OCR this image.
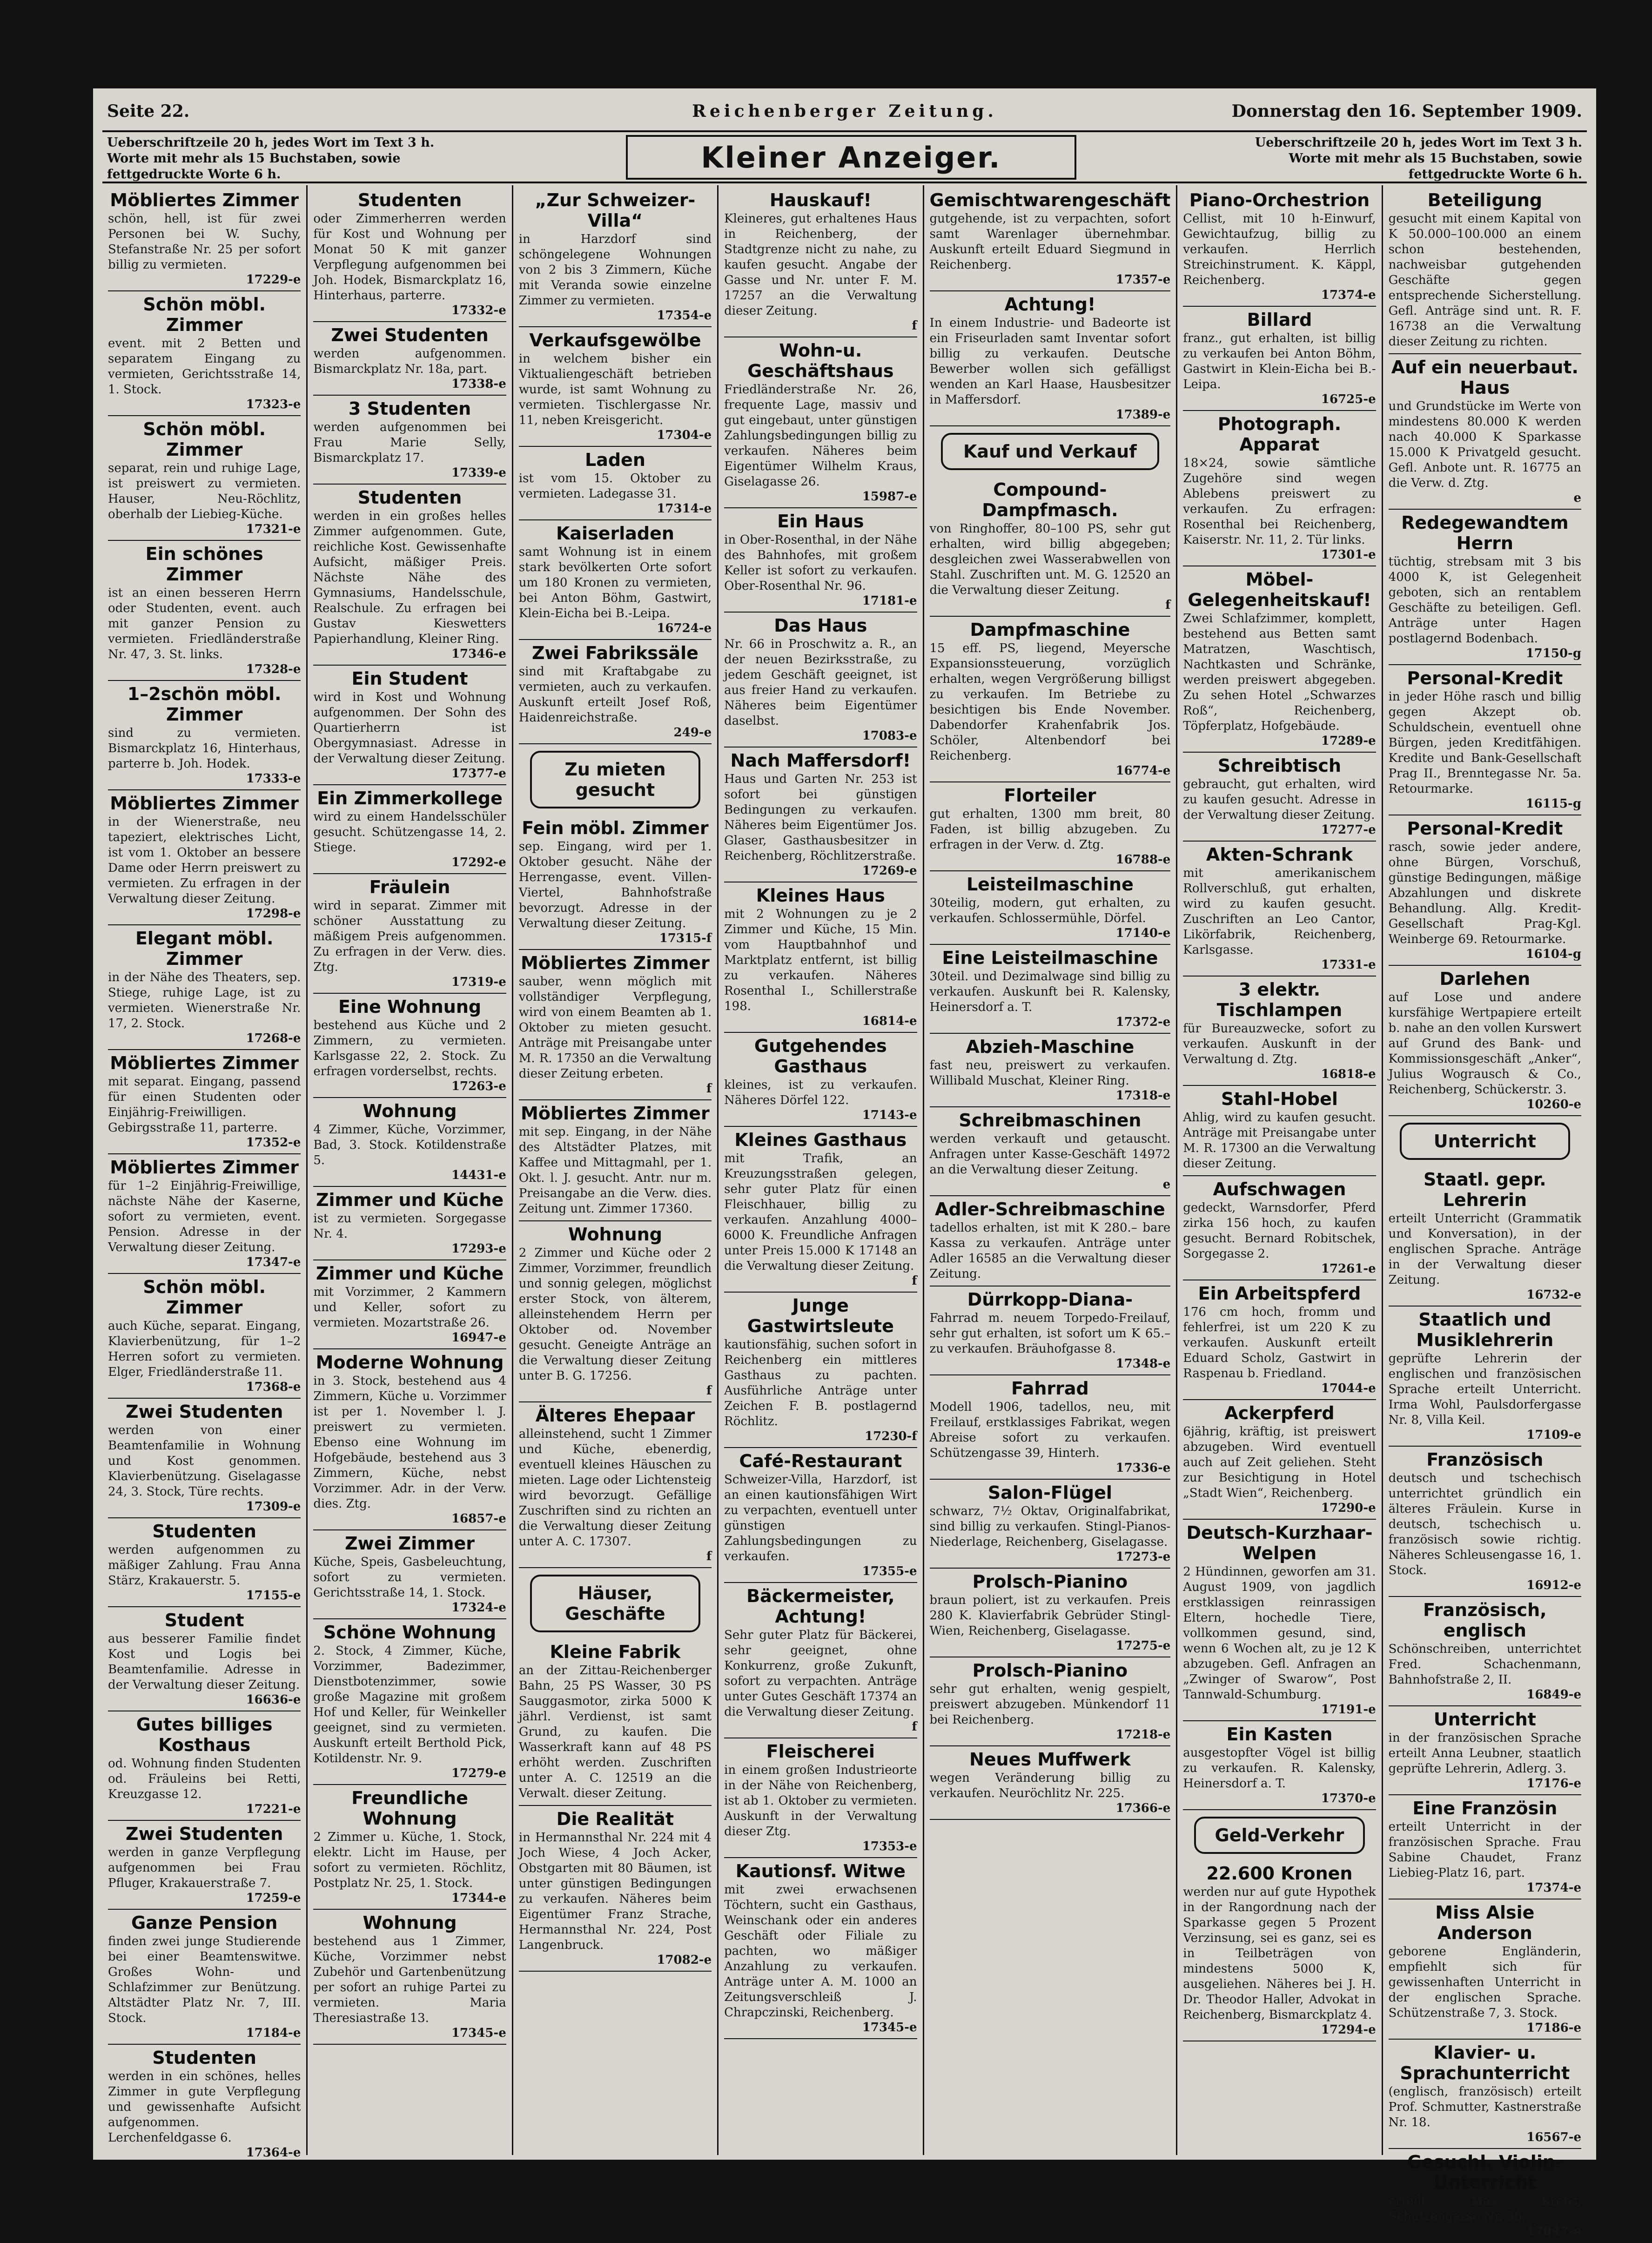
Seite 22.	Reichenberger Zeitung.	Donnerstag den 16. September 1909.
Ueberschriftzeile 20 h, jedes Wort im Text 3 h. Worte mit mehr als 15 Buchstaben, sowie fettgedruckte Worte 6 h.	Kleiner Anzeiger.	Ueberschriftzeile 20 h, jedes Wort im Text 3 h. Worte mit mehr als 15 Buchstaben, sowie fettgedruckte Worte 6 h.
Möbliertes Zimmer
schön, hell, ist für zwei Personen bei W. Suchy, Stefanstraße Nr. 25 per sofort billig zu vermieten.
17229-e
Schön möbl. Zimmer
event. mit 2 Betten und separatem Eingang zu vermieten, Gerichtsstraße 14, 1. Stock.
17323-e
Schön möbl. Zimmer
separat, rein und ruhige Lage, ist preiswert zu vermieten. Hauser, Neu-Röchlitz, oberhalb der Liebieg-Küche.
17321-e
Ein schönes Zimmer
ist an einen besseren Herrn oder Studenten, event. auch mit ganzer Pension zu vermieten. Friedländerstraße Nr. 47, 3. St. links.
17328-e
1–2schön möbl. Zimmer
sind zu vermieten. Bismarckplatz 16, Hinterhaus, parterre b. Joh. Hodek.
17333-e
Möbliertes Zimmer
in der Wienerstraße, neu tapeziert, elektrisches Licht, ist vom 1. Oktober an bessere Dame oder Herrn preiswert zu vermieten. Zu erfragen in der Verwaltung dieser Zeitung.
17298-e
Elegant möbl. Zimmer
in der Nähe des Theaters, sep. Stiege, ruhige Lage, ist zu vermieten. Wienerstraße Nr. 17, 2. Stock.
17268-e
Möbliertes Zimmer
mit separat. Eingang, passend für einen Studenten oder Einjährig-Freiwilligen. Gebirgsstraße 11, parterre.
17352-e
Möbliertes Zimmer
für 1–2 Einjährig-Freiwillige, nächste Nähe der Kaserne, sofort zu vermieten, event. Pension. Adresse in der Verwaltung dieser Zeitung.
17347-e
Schön möbl. Zimmer
auch Küche, separat. Eingang, Klavierbenützung, für 1–2 Herren sofort zu vermieten. Elger, Friedländerstraße 11.
17368-e
Zwei Studenten
werden von einer Beamtenfamilie in Wohnung und Kost genommen. Klavierbenützung. Giselagasse 24, 3. Stock, Türe rechts.
17309-e
Studenten
werden aufgenommen zu mäßiger Zahlung. Frau Anna Stärz, Krakauerstr. 5.
17155-e
Student
aus besserer Familie findet Kost und Logis bei Beamtenfamilie. Adresse in der Verwaltung dieser Zeitung.
16636-e
Gutes billiges Kosthaus
od. Wohnung finden Studenten od. Fräuleins bei Retti, Kreuzgasse 12.
17221-e
Zwei Studenten
werden in ganze Verpflegung aufgenommen bei Frau Pfluger, Krakauerstraße 7.
17259-e
Ganze Pension
finden zwei junge Studierende bei einer Beamtenswitwe. Großes Wohn- und Schlafzimmer zur Benützung. Altstädter Platz Nr. 7, III. Stock.
17184-e
Studenten
werden in ein schönes, helles Zimmer in gute Verpflegung und gewissenhafte Aufsicht aufgenommen. Lerchenfeldgasse 6.
17364-e
Studenten
oder Zimmerherren werden für Kost und Wohnung per Monat 50 K mit ganzer Verpflegung aufgenommen bei Joh. Hodek, Bismarckplatz 16, Hinterhaus, parterre.
17332-e
Zwei Studenten
werden aufgenommen. Bismarckplatz Nr. 18a, part.
17338-e
3 Studenten
werden aufgenommen bei Frau Marie Selly, Bismarckplatz 17.
17339-e
Studenten
werden in ein großes helles Zimmer aufgenommen. Gute, reichliche Kost. Gewissenhafte Aufsicht, mäßiger Preis. Nächste Nähe des Gymnasiums, Handelsschule, Realschule. Zu erfragen bei Gustav Kieswetters Papierhandlung, Kleiner Ring.
17346-e
Ein Student
wird in Kost und Wohnung aufgenommen. Der Sohn des Quartierherrn ist Obergymnasiast. Adresse in der Verwaltung dieser Zeitung.
17377-e
Ein Zimmerkollege
wird zu einem Handelsschüler gesucht. Schützengasse 14, 2. Stiege.
17292-e
Fräulein
wird in separat. Zimmer mit schöner Ausstattung zu mäßigem Preis aufgenommen. Zu erfragen in der Verw. dies. Ztg.
17319-e
Eine Wohnung
bestehend aus Küche und 2 Zimmern, zu vermieten. Karlsgasse 22, 2. Stock. Zu erfragen vorderselbst, rechts.
17263-e
Wohnung
4 Zimmer, Küche, Vorzimmer, Bad, 3. Stock. Kotildenstraße 5.
14431-e
Zimmer und Küche
ist zu vermieten. Sorgegasse Nr. 4.
17293-e
Zimmer und Küche
mit Vorzimmer, 2 Kammern und Keller, sofort zu vermieten. Mozartstraße 26.
16947-e
Moderne Wohnung
in 3. Stock, bestehend aus 4 Zimmern, Küche u. Vorzimmer ist per 1. November l. J. preiswert zu vermieten. Ebenso eine Wohnung im Hofgebäude, bestehend aus 3 Zimmern, Küche, nebst Vorzimmer. Adr. in der Verw. dies. Ztg.
16857-e
Zwei Zimmer
Küche, Speis, Gasbeleuchtung, sofort zu vermieten. Gerichtsstraße 14, 1. Stock.
17324-e
Schöne Wohnung
2. Stock, 4 Zimmer, Küche, Vorzimmer, Badezimmer, Dienstbotenzimmer, sowie große Magazine mit großem Hof und Keller, für Weinkeller geeignet, sind zu vermieten. Auskunft erteilt Berthold Pick, Kotildenstr. Nr. 9.
17279-e
Freundliche Wohnung
2 Zimmer u. Küche, 1. Stock, elektr. Licht im Hause, per sofort zu vermieten. Röchlitz, Postplatz Nr. 25, 1. Stock.
17344-e
Wohnung
bestehend aus 1 Zimmer, Küche, Vorzimmer nebst Zubehör und Gartenbenützung per sofort an ruhige Partei zu vermieten. Maria Theresiastraße 13.
17345-e
„Zur Schweizer-Villa“
in Harzdorf sind schöngelegene Wohnungen von 2 bis 3 Zimmern, Küche mit Veranda sowie einzelne Zimmer zu vermieten.
17354-e
Verkaufsgewölbe
in welchem bisher ein Viktualiengeschäft betrieben wurde, ist samt Wohnung zu vermieten. Tischlergasse Nr. 11, neben Kreisgericht.
17304-e
Laden
ist vom 15. Oktober zu vermieten. Ladegasse 31.
17314-e
Kaiserladen
samt Wohnung ist in einem stark bevölkerten Orte sofort um 180 Kronen zu vermieten, bei Anton Böhm, Gastwirt, Klein-Eicha bei B.-Leipa.
16724-e
Zwei Fabrikssäle
sind mit Kraftabgabe zu vermieten, auch zu verkaufen. Auskunft erteilt Josef Roß, Haidenreichstraße.
249-e
Zu mieten gesucht
Fein möbl. Zimmer
sep. Eingang, wird per 1. Oktober gesucht. Nähe der Herrengasse, event. Villen-Viertel, Bahnhofstraße bevorzugt. Adresse in der Verwaltung dieser Zeitung.
17315-f
Möbliertes Zimmer
sauber, wenn möglich mit vollständiger Verpflegung, wird von einem Beamten ab 1. Oktober zu mieten gesucht. Anträge mit Preisangabe unter M. R. 17350 an die Verwaltung dieser Zeitung erbeten.
f
Möbliertes Zimmer
mit sep. Eingang, in der Nähe des Altstädter Platzes, mit Kaffee und Mittagmahl, per 1. Okt. l. J. gesucht. Antr. nur m. Preisangabe an die Verw. dies. Zeitung unt. Zimmer 17360.
Wohnung
2 Zimmer und Küche oder 2 Zimmer, Vorzimmer, freundlich und sonnig gelegen, möglichst erster Stock, von älterem, alleinstehendem Herrn per Oktober od. November gesucht. Geneigte Anträge an die Verwaltung dieser Zeitung unter B. G. 17256.
f
Älteres Ehepaar
alleinstehend, sucht 1 Zimmer und Küche, ebenerdig, eventuell kleines Häuschen zu mieten. Lage oder Lichtensteig wird bevorzugt. Gefällige Zuschriften sind zu richten an die Verwaltung dieser Zeitung unter A. C. 17307.
f
Häuser, Geschäfte
Kleine Fabrik
an der Zittau-Reichenberger Bahn, 25 PS Wasser, 30 PS Sauggasmotor, zirka 5000 K jährl. Verdienst, ist samt Grund, zu kaufen. Die Wasserkraft kann auf 48 PS erhöht werden. Zuschriften unter A. C. 12519 an die Verwalt. dieser Zeitung.
Die Realität
in Hermannsthal Nr. 224 mit 4 Joch Wiese, 4 Joch Acker, Obstgarten mit 80 Bäumen, ist unter günstigen Bedingungen zu verkaufen. Näheres beim Eigentümer Franz Strache, Hermannsthal Nr. 224, Post Langenbruck.
17082-e
Hauskauf!
Kleineres, gut erhaltenes Haus in Reichenberg, der Stadtgrenze nicht zu nahe, zu kaufen gesucht. Angabe der Gasse und Nr. unter F. M. 17257 an die Verwaltung dieser Zeitung.
f
Wohn-u. Geschäftshaus
Friedländerstraße Nr. 26, frequente Lage, massiv und gut eingebaut, unter günstigen Zahlungsbedingungen billig zu verkaufen. Näheres beim Eigentümer Wilhelm Kraus, Giselagasse 26.
15987-e
Ein Haus
in Ober-Rosenthal, in der Nähe des Bahnhofes, mit großem Keller ist sofort zu verkaufen. Ober-Rosenthal Nr. 96.
17181-e
Das Haus
Nr. 66 in Proschwitz a. R., an der neuen Bezirksstraße, zu jedem Geschäft geeignet, ist aus freier Hand zu verkaufen. Näheres beim Eigentümer daselbst.
17083-e
Nach Maffersdorf!
Haus und Garten Nr. 253 ist sofort bei günstigen Bedingungen zu verkaufen. Näheres beim Eigentümer Jos. Glaser, Gasthausbesitzer in Reichenberg, Röchlitzerstraße.
17269-e
Kleines Haus
mit 2 Wohnungen zu je 2 Zimmer und Küche, 15 Min. vom Hauptbahnhof und Marktplatz entfernt, ist billig zu verkaufen. Näheres Rosenthal I., Schillerstraße 198.
16814-e
Gutgehendes Gasthaus
kleines, ist zu verkaufen. Näheres Dörfel 122.
17143-e
Kleines Gasthaus
mit Trafik, an Kreuzungsstraßen gelegen, sehr guter Platz für einen Fleischhauer, billig zu verkaufen. Anzahlung 4000–6000 K. Freundliche Anfragen unter Preis 15.000 K 17148 an die Verwaltung dieser Zeitung.
f
Junge Gastwirtsleute
kautionsfähig, suchen sofort in Reichenberg ein mittleres Gasthaus zu pachten. Ausführliche Anträge unter Zeichen F. B. postlagernd Röchlitz.
17230-f
Café-Restaurant
Schweizer-Villa, Harzdorf, ist an einen kautionsfähigen Wirt zu verpachten, eventuell unter günstigen Zahlungsbedingungen zu verkaufen.
17355-e
Bäckermeister, Achtung!
Sehr guter Platz für Bäckerei, sehr geeignet, ohne Konkurrenz, große Zukunft, sofort zu verpachten. Anträge unter Gutes Geschäft 17374 an die Verwaltung dieser Zeitung.
f
Fleischerei
in einem großen Industrieorte in der Nähe von Reichenberg, ist ab 1. Oktober zu vermieten. Auskunft in der Verwaltung dieser Ztg.
17353-e
Kautionsf. Witwe
mit zwei erwachsenen Töchtern, sucht ein Gasthaus, Weinschank oder ein anderes Geschäft oder Filiale zu pachten, wo mäßiger Anzahlung zu verkaufen. Anträge unter A. M. 1000 an Zeitungsverschleiß J. Chrapczinski, Reichenberg.
17345-e
Gemischtwarengeschäft
gutgehende, ist zu verpachten, sofort samt Warenlager übernehmbar. Auskunft erteilt Eduard Siegmund in Reichenberg.
17357-e
Achtung!
In einem Industrie- und Badeorte ist ein Friseurladen samt Inventar sofort billig zu verkaufen. Deutsche Bewerber wollen sich gefälligst wenden an Karl Haase, Hausbesitzer in Maffersdorf.
17389-e
Kauf und Verkauf
Compound-Dampfmasch.
von Ringhoffer, 80–100 PS, sehr gut erhalten, wird billig abgegeben; desgleichen zwei Wasserabwellen von Stahl. Zuschriften unt. M. G. 12520 an die Verwaltung dieser Zeitung.
f
Dampfmaschine
15 eff. PS, liegend, Meyersche Expansionssteuerung, vorzüglich erhalten, wegen Vergrößerung billigst zu verkaufen. Im Betriebe zu besichtigen bis Ende November. Dabendorfer Krahenfabrik Jos. Schöler, Altenbendorf bei Reichenberg.
16774-e
Florteiler
gut erhalten, 1300 mm breit, 80 Faden, ist billig abzugeben. Zu erfragen in der Verw. d. Ztg.
16788-e
Leisteilmaschine
30teilig, modern, gut erhalten, zu verkaufen. Schlossermühle, Dörfel.
17140-e
Eine Leisteilmaschine
30teil. und Dezimalwage sind billig zu verkaufen. Auskunft bei R. Kalensky, Heinersdorf a. T.
17372-e
Abzieh-Maschine
fast neu, preiswert zu verkaufen. Willibald Muschat, Kleiner Ring.
17318-e
Schreibmaschinen
werden verkauft und getauscht. Anfragen unter Kasse-Geschäft 14972 an die Verwaltung dieser Zeitung.
e
Adler-Schreibmaschine
tadellos erhalten, ist mit K 280.– bare Kassa zu verkaufen. Anträge unter Adler 16585 an die Verwaltung dieser Zeitung.
Dürrkopp-Diana-
Fahrrad m. neuem Torpedo-Freilauf, sehr gut erhalten, ist sofort um K 65.– zu verkaufen. Bräuhofgasse 8.
17348-e
Fahrrad
Modell 1906, tadellos, neu, mit Freilauf, erstklassiges Fabrikat, wegen Abreise sofort zu verkaufen. Schützengasse 39, Hinterh.
17336-e
Salon-Flügel
schwarz, 7½ Oktav, Originalfabrikat, sind billig zu verkaufen. Stingl-Pianos-Niederlage, Reichenberg, Giselagasse.
17273-e
Prolsch-Pianino
braun poliert, ist zu verkaufen. Preis 280 K. Klavierfabrik Gebrüder Stingl-Wien, Reichenberg, Giselagasse.
17275-e
Prolsch-Pianino
sehr gut erhalten, wenig gespielt, preiswert abzugeben. Münkendorf 11 bei Reichenberg.
17218-e
Neues Muffwerk
wegen Veränderung billig zu verkaufen. Neuröchlitz Nr. 225.
17366-e
Piano-Orchestrion
Cellist, mit 10 h-Einwurf, Gewichtaufzug, billig zu verkaufen. Herrlich Streichinstrument. K. Käppl, Reichenberg.
17374-e
Billard
franz., gut erhalten, ist billig zu verkaufen bei Anton Böhm, Gastwirt in Klein-Eicha bei B.-Leipa.
16725-e
Photograph. Apparat
18×24, sowie sämtliche Zugehöre sind wegen Ablebens preiswert zu verkaufen. Zu erfragen: Rosenthal bei Reichenberg, Kaiserstr. Nr. 11, 2. Tür links.
17301-e
Möbel-Gelegenheitskauf!
Zwei Schlafzimmer, komplett, bestehend aus Betten samt Matratzen, Waschtisch, Nachtkasten und Schränke, werden preiswert abgegeben. Zu sehen Hotel „Schwarzes Roß“, Reichenberg, Töpferplatz, Hofgebäude.
17289-e
Schreibtisch
gebraucht, gut erhalten, wird zu kaufen gesucht. Adresse in der Verwaltung dieser Zeitung.
17277-e
Akten-Schrank
mit amerikanischem Rollverschluß, gut erhalten, wird zu kaufen gesucht. Zuschriften an Leo Cantor, Likörfabrik, Reichenberg, Karlsgasse.
17331-e
3 elektr. Tischlampen
für Bureauzwecke, sofort zu verkaufen. Auskunft in der Verwaltung d. Ztg.
16818-e
Stahl-Hobel
Ahlig, wird zu kaufen gesucht. Anträge mit Preisangabe unter M. R. 17300 an die Verwaltung dieser Zeitung.
Aufschwagen
gedeckt, Warnsdorfer, Pferd zirka 156 hoch, zu kaufen gesucht. Bernard Robitschek, Sorgegasse 2.
17261-e
Ein Arbeitspferd
176 cm hoch, fromm und fehlerfrei, ist um 220 K zu verkaufen. Auskunft erteilt Eduard Scholz, Gastwirt in Raspenau b. Friedland.
17044-e
Ackerpferd
6jährig, kräftig, ist preiswert abzugeben. Wird eventuell auch auf Zeit geliehen. Steht zur Besichtigung in Hotel „Stadt Wien“, Reichenberg.
17290-e
Deutsch-Kurzhaar-Welpen
2 Hündinnen, geworfen am 31. August 1909, von jagdlich erstklassigen reinrassigen Eltern, hochedle Tiere, vollkommen gesund, sind, wenn 6 Wochen alt, zu je 12 K abzugeben. Gefl. Anfragen an „Zwinger of Swarow“, Post Tannwald-Schumburg.
17191-e
Ein Kasten
ausgestopfter Vögel ist billig zu verkaufen. R. Kalensky, Heinersdorf a. T.
17370-e
Geld-Verkehr
22.600 Kronen
werden nur auf gute Hypothek in der Rangordnung nach der Sparkasse gegen 5 Prozent Verzinsung, sei es ganz, sei es in Teilbeträgen von mindestens 5000 K, ausgeliehen. Näheres bei J. H. Dr. Theodor Haller, Advokat in Reichenberg, Bismarckplatz 4.
17294-e
Beteiligung
gesucht mit einem Kapital von K 50.000–100.000 an einem schon bestehenden, nachweisbar gutgehenden Geschäfte gegen entsprechende Sicherstellung. Gefl. Anträge sind unt. R. F. 16738 an die Verwaltung dieser Zeitung zu richten.
Auf ein neuerbaut. Haus
und Grundstücke im Werte von mindestens 80.000 K werden nach 40.000 K Sparkasse 15.000 K Privatgeld gesucht. Gefl. Anbote unt. R. 16775 an die Verw. d. Ztg.
e
Redegewandtem Herrn
tüchtig, strebsam mit 3 bis 4000 K, ist Gelegenheit geboten, sich an rentablem Geschäfte zu beteiligen. Gefl. Anträge unter Hagen postlagernd Bodenbach.
17150-g
Personal-Kredit
in jeder Höhe rasch und billig gegen Akzept ob. Schuldschein, eventuell ohne Bürgen, jeden Kreditfähigen. Kredite und Bank-Gesellschaft Prag II., Brenntegasse Nr. 5a. Retourmarke.
16115-g
Personal-Kredit
rasch, sowie jeder andere, ohne Bürgen, Vorschuß, günstige Bedingungen, mäßige Abzahlungen und diskrete Behandlung. Allg. Kredit-Gesellschaft Prag-Kgl. Weinberge 69. Retourmarke.
16104-g
Darlehen
auf Lose und andere kursfähige Wertpapiere erteilt b. nahe an den vollen Kurswert auf Grund des Bank- und Kommissionsgeschäft „Anker“, Julius Wograusch & Co., Reichenberg, Schückerstr. 3.
10260-e
Unterricht
Staatl. gepr. Lehrerin
erteilt Unterricht (Grammatik und Konversation), in der englischen Sprache. Anträge in der Verwaltung dieser Zeitung.
16732-e
Staatlich und Musiklehrerin
geprüfte Lehrerin der englischen und französischen Sprache erteilt Unterricht. Irma Wohl, Paulsdorfergasse Nr. 8, Villa Keil.
17109-e
Französisch
deutsch und tschechisch unterrichtet gründlich ein älteres Fräulein. Kurse in deutsch, tschechisch u. französisch sowie richtig. Näheres Schleusengasse 16, 1. Stock.
16912-e
Französisch, englisch
Schönschreiben, unterrichtet Fred. Schachenmann, Bahnhofstraße 2, II.
16849-e
Unterricht
in der französischen Sprache erteilt Anna Leubner, staatlich geprüfte Lehrerin, Adlerg. 3.
17176-e
Eine Französin
erteilt Unterricht in der französischen Sprache. Frau Sabine Chaudet, Franz Liebieg-Platz 16, part.
17374-e
Miss Alsie Anderson
geborene Engländerin, empfiehlt sich für gewissenhaften Unterricht in der englischen Sprache. Schützenstraße 7, 3. Stock.
17186-e
Klavier- u. Sprachunterricht
(englisch, französisch) erteilt Prof. Schmutter, Kastnerstraße Nr. 18.
16567-e
Gesuchl. Violin-Unterricht
erteilt Max Krebs, Schützengasse Nr. 36.
17047-e
